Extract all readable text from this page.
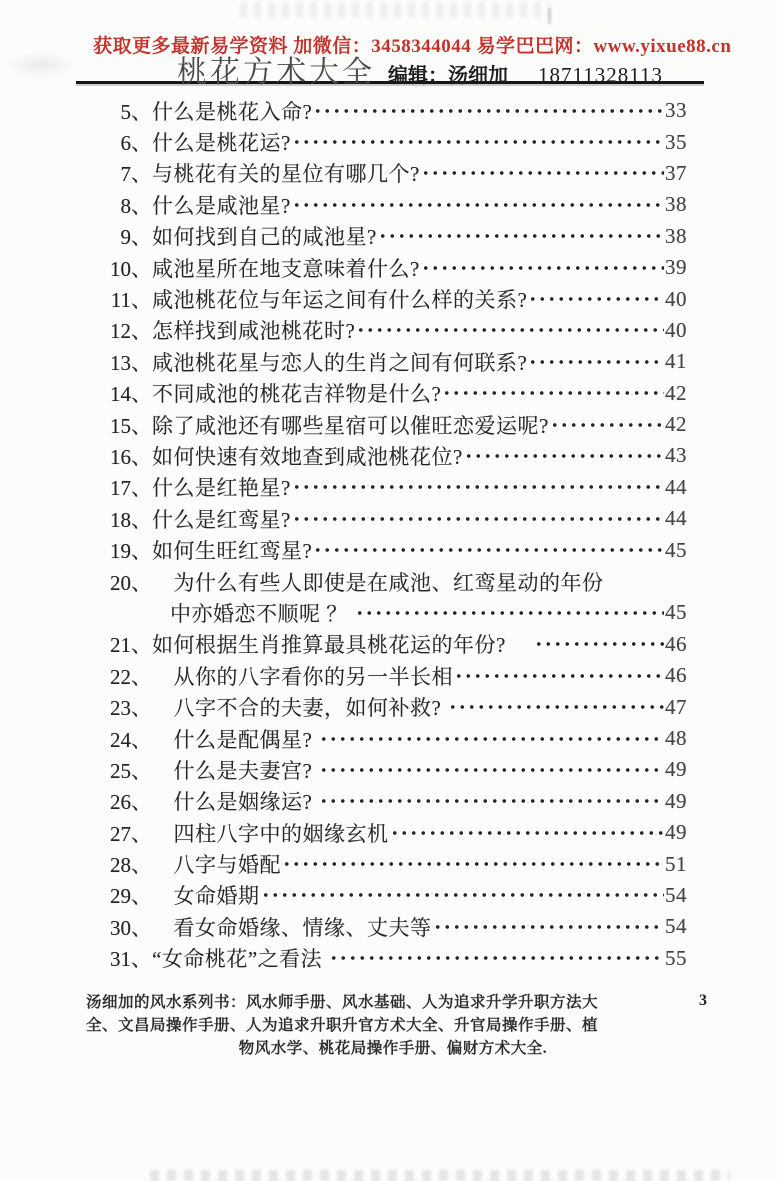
获取更多最新易学资料 加微信：3458344044 易学巴巴网：www.yixue88.cn
桃花方术大全 编辑：汤细加 18711328113
5、 什么是桃花入命?	33
6、 什么是桃花运?	35
7、 与桃花有关的星位有哪几个?	37
8、 什么是咸池星?	38
9、 如何找到自己的咸池星?	38
10、 咸池星所在地支意味着什么?	39
11、 咸池桃花位与年运之间有什么样的关系?	40
12、 怎样找到咸池桃花时?	40
13、 咸池桃花星与恋人的生肖之间有何联系?	41
14、 不同咸池的桃花吉祥物是什么?	42
15、 除了咸池还有哪些星宿可以催旺恋爱运呢?	42
16、 如何快速有效地查到咸池桃花位?	43
17、 什么是红艳星?	44
18、 什么是红鸾星?	44
19、 如何生旺红鸾星?	45
20、 　为什么有些人即使是在咸池、红鸾星动的年份
中亦婚恋不顺呢 ？	45
21、 如何根据生肖推算最具桃花运的年份? 　	46
22、 　从你的八字看你的另一半长相	46
23、 　八字不合的夫妻，如何补救?	47
24、 　什么是配偶星?	48
25、 　什么是夫妻宫?	49
26、 　什么是姻缘运?	49
27、 　四柱八字中的姻缘玄机	49
28、 　八字与婚配	51
29、 　女命婚期	54
30、 　看女命婚缘、情缘、丈夫等	54
31、 “女命桃花”之看法	55
汤细加的风水系列书：风水师手册、风水基础、人为追求升学升职方法大
全、文昌局操作手册、人为追求升职升官方术大全、升官局操作手册、植
物风水学、桃花局操作手册、偏财方术大全.
3
